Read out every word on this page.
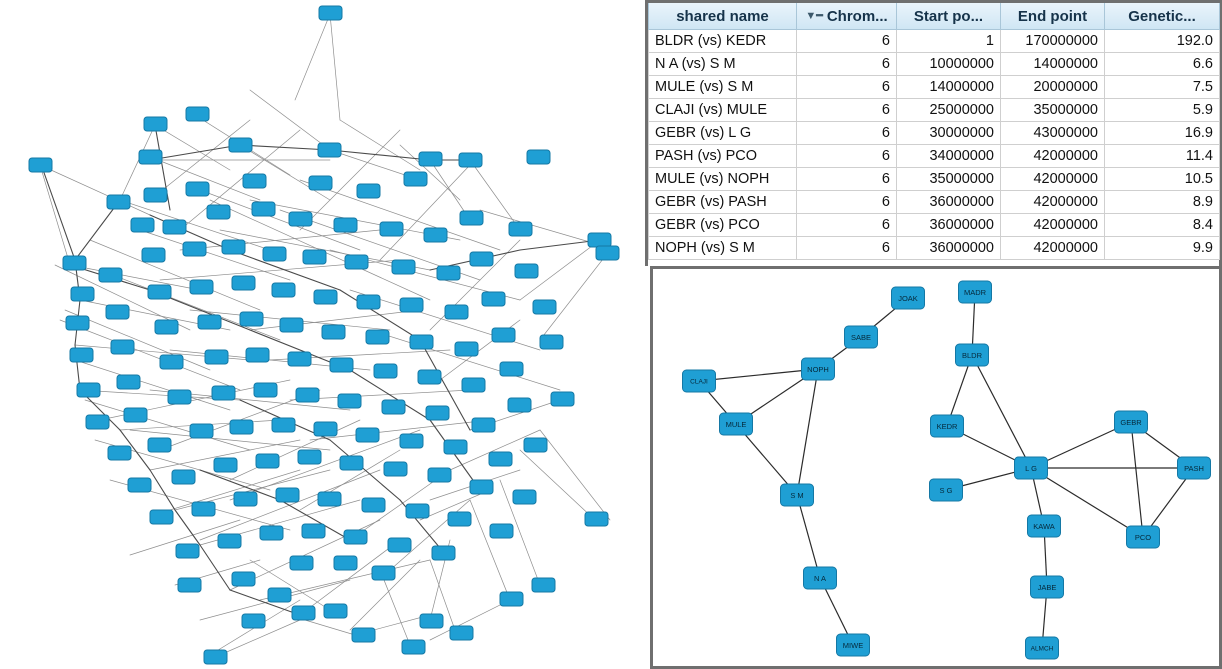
shared name	▼━ Chrom...	Start po...	End point	Genetic...

BLDR (vs) KEDR	6	1	170000000	192.0
N A (vs) S M	6	10000000	14000000	6.6
MULE (vs) S M	6	14000000	20000000	7.5
CLAJI (vs) MULE	6	25000000	35000000	5.9
GEBR (vs) L G	6	30000000	43000000	16.9
PASH (vs) PCO	6	34000000	42000000	11.4
MULE (vs) NOPH	6	35000000	42000000	10.5
GEBR (vs) PASH	6	36000000	42000000	8.9
GEBR (vs) PCO	6	36000000	42000000	8.4
NOPH (vs) S M	6	36000000	42000000	9.9
JOAK
MADR
SABE
BLDR
NOPH
CLAJI
GEBR
KEDR
MULE
L G
S G
PASH
S M
KAWA
PCO
JABE
N A
ALMCH
MIWE
